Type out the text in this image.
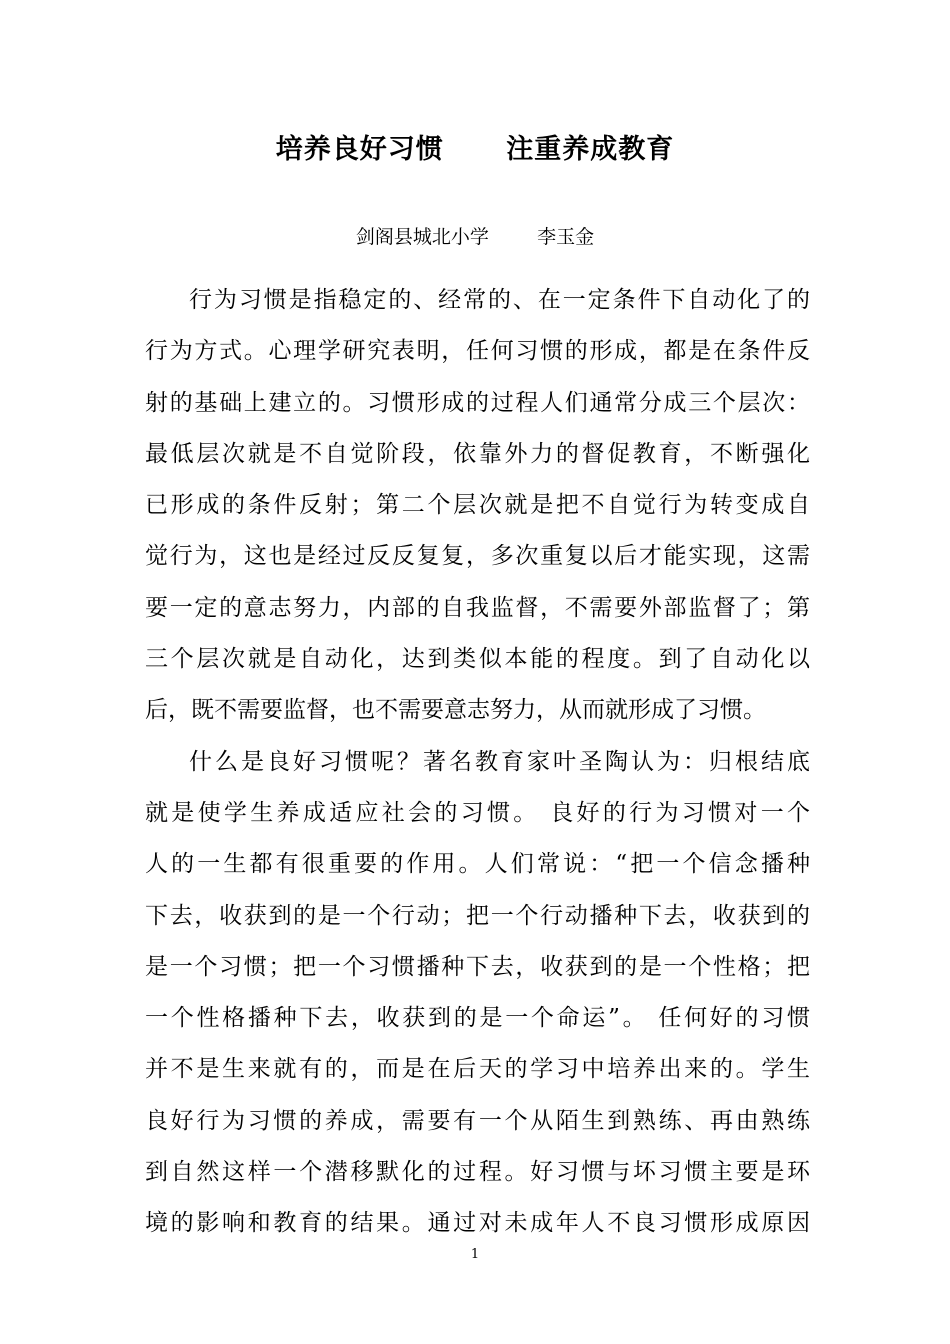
培养良好习惯      注重养成教育
剑阁县城北小学        李玉金
行为习惯是指稳定的、经常的、在一定条件下自动化了的
行为方式。心理学研究表明，任何习惯的形成，都是在条件反
射的基础上建立的。习惯形成的过程人们通常分成三个层次：
最低层次就是不自觉阶段，依靠外力的督促教育，不断强化
已形成的条件反射；第二个层次就是把不自觉行为转变成自
觉行为，这也是经过反反复复，多次重复以后才能实现，这需
要一定的意志努力，内部的自我监督，不需要外部监督了；第
三个层次就是自动化，达到类似本能的程度。到了自动化以
后，既不需要监督，也不需要意志努力，从而就形成了习惯。
什么是良好习惯呢？著名教育家叶圣陶认为：归根结底
就是使学生养成适应社会的习惯。 良好的行为习惯对一个
人的一生都有很重要的作用。人们常说：“把一个信念播种
下去，收获到的是一个行动；把一个行动播种下去，收获到的
是一个习惯；把一个习惯播种下去，收获到的是一个性格；把
一个性格播种下去，收获到的是一个命运”。 任何好的习惯
并不是生来就有的，而是在后天的学习中培养出来的。学生
良好行为习惯的养成，需要有一个从陌生到熟练、再由熟练
到自然这样一个潜移默化的过程。好习惯与坏习惯主要是环
境的影响和教育的结果。通过对未成年人不良习惯形成原因
1
